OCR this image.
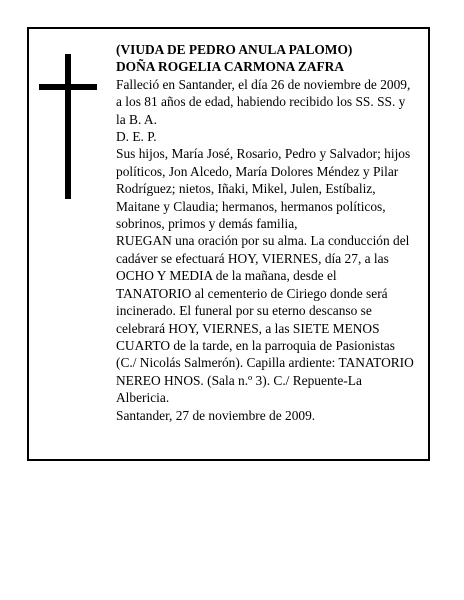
(VIUDA DE PEDRO ANULA PALOMO)
DOÑA ROGELIA CARMONA ZAFRA
Falleció en Santander, el día 26 de noviembre de 2009,
a los 81 años de edad, habiendo recibido los SS. SS. y
la B. A.
D. E. P.
Sus hijos, María José, Rosario, Pedro y Salvador; hijos
políticos, Jon Alcedo, María Dolores Méndez y Pilar
Rodríguez; nietos, Iñaki, Mikel, Julen, Estíbaliz,
Maitane y Claudia; hermanos, hermanos políticos,
sobrinos, primos y demás familia,
RUEGAN una oración por su alma. La conducción del
cadáver se efectuará HOY, VIERNES, día 27, a las
OCHO Y MEDIA de la mañana, desde el
TANATORIO al cementerio de Ciriego donde será
incinerado. El funeral por su eterno descanso se
celebrará HOY, VIERNES, a las SIETE MENOS
CUARTO de la tarde, en la parroquia de Pasionistas
(C./ Nicolás Salmerón). Capilla ardiente: TANATORIO
NEREO HNOS. (Sala n.º 3). C./ Repuente-La
Albericia.
Santander, 27 de noviembre de 2009.
